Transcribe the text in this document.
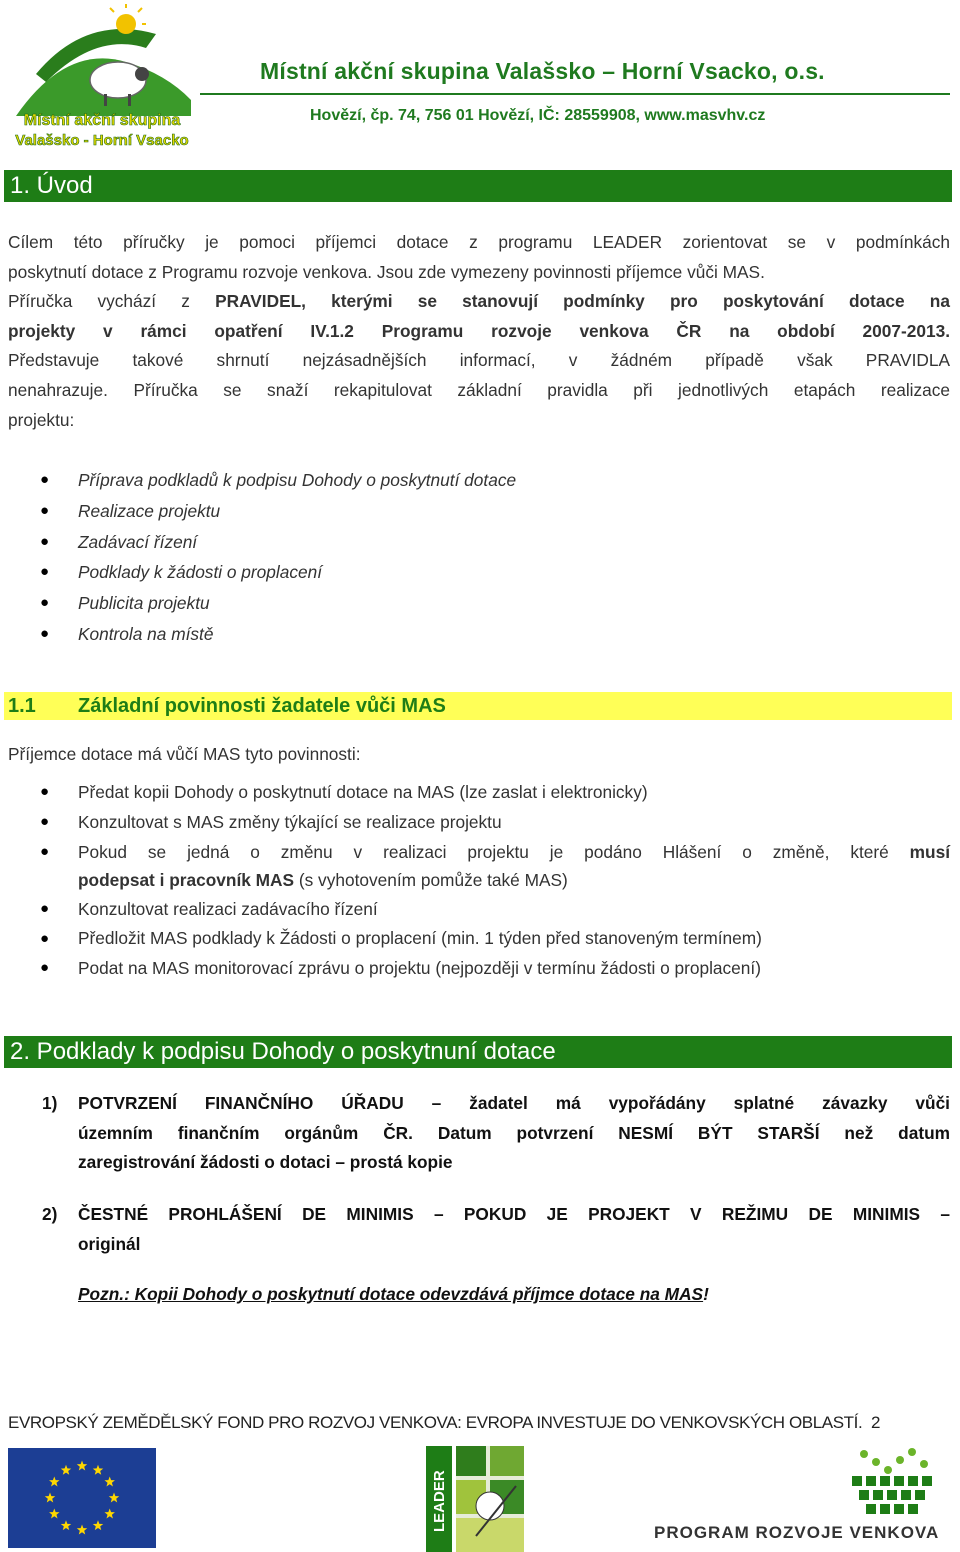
Místní akční skupina
Valašsko - Horní Vsacko
Místní akční skupina Valašsko – Horní Vsacko, o.s.
Hovězí, čp. 74, 756 01 Hovězí, IČ: 28559908, www.masvhv.cz
1. Úvod
Cílem této příručky je pomoci příjemci dotace z programu LEADER zorientovat se v podmínkách
poskytnutí dotace z Programu rozvoje venkova. Jsou zde vymezeny povinnosti příjemce vůči MAS.
Příručka vychází z PRAVIDEL, kterými se stanovují podmínky pro poskytování dotace na
projekty v rámci opatření IV.1.2 Programu rozvoje venkova ČR na období 2007-2013.
Představuje takové shrnutí nejzásadnějších informací, v žádném případě však PRAVIDLA
nenahrazuje. Příručka se snaží rekapitulovat základní pravidla při jednotlivých etapách realizace
projektu:
● Příprava podkladů k podpisu Dohody o poskytnutí dotace
● Realizace projektu
● Zadávací řízení
● Podklady k žádosti o proplacení
● Publicita projektu
● Kontrola na místě
1.1 Základní povinnosti žadatele vůči MAS
Příjemce dotace má vůčí MAS tyto povinnosti:
● Předat kopii Dohody o poskytnutí dotace na MAS (lze zaslat i elektronicky)
● Konzultovat s MAS změny týkající se realizace projektu
● Pokud se jedná o změnu v realizaci projektu je podáno Hlášení o změně, které musí
podepsat i pracovník MAS (s vyhotovením pomůže také MAS)
● Konzultovat realizaci zadávacího řízení
● Předložit MAS podklady k Žádosti o proplacení (min. 1 týden před stanoveným termínem)
● Podat na MAS monitorovací zprávu o projektu (nejpozději v termínu žádosti o proplacení)
2. Podklady k podpisu Dohody o poskytnuní dotace
1) POTVRZENÍ FINANČNÍHO ÚŘADU – žadatel má vypořádány splatné závazky vůči
územním finančním orgánům ČR. Datum potvrzení NESMÍ BÝT STARŠÍ než datum
zaregistrování žádosti o dotaci – prostá kopie
2) ČESTNÉ PROHLÁŠENÍ DE MINIMIS – POKUD JE PROJEKT V REŽIMU DE MINIMIS –
originál
Pozn.: Kopii Dohody o poskytnutí dotace odevzdává příjmce dotace na MAS!
EVROPSKÝ ZEMĚDĚLSKÝ FOND PRO ROZVOJ VENKOVA: EVROPA INVESTUJE DO VENKOVSKÝCH OBLASTÍ. 2
LEADER
PROGRAM ROZVOJE VENKOVA
